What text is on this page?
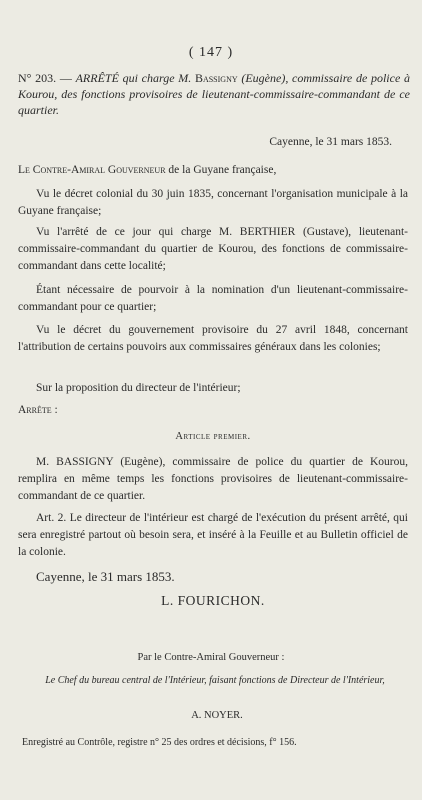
( 147 )
N° 203. — ARRÊTÉ qui charge M. Bassigny (Eugène), commissaire de police à Kourou, des fonctions provisoires de lieutenant-commissaire-commandant de ce quartier.
Cayenne, le 31 mars 1853.
Le Contre-Amiral Gouverneur de la Guyane française,
Vu le décret colonial du 30 juin 1835, concernant l'organisation municipale à la Guyane française;
Vu l'arrêté de ce jour qui charge M. BERTHIER (Gustave), lieutenant-commissaire-commandant du quartier de Kourou, des fonctions de commissaire-commandant dans cette localité;
Étant nécessaire de pourvoir à la nomination d'un lieutenant-commissaire-commandant pour ce quartier;
Vu le décret du gouvernement provisoire du 27 avril 1848, concernant l'attribution de certains pouvoirs aux commissaires généraux dans les colonies;
Sur la proposition du directeur de l'intérieur;
Arrête :
Article premier.
M. BASSIGNY (Eugène), commissaire de police du quartier de Kourou, remplira en même temps les fonctions provisoires de lieutenant-commissaire-commandant de ce quartier.
Art. 2. Le directeur de l'intérieur est chargé de l'exécution du présent arrêté, qui sera enregistré partout où besoin sera, et inséré à la Feuille et au Bulletin officiel de la colonie.
Cayenne, le 31 mars 1853.
L. FOURICHON.
Par le Contre-Amiral Gouverneur :
Le Chef du bureau central de l'Intérieur, faisant fonctions de Directeur de l'Intérieur,
A. NOYER.
Enregistré au Contrôle, registre n° 25 des ordres et décisions, f° 156.
